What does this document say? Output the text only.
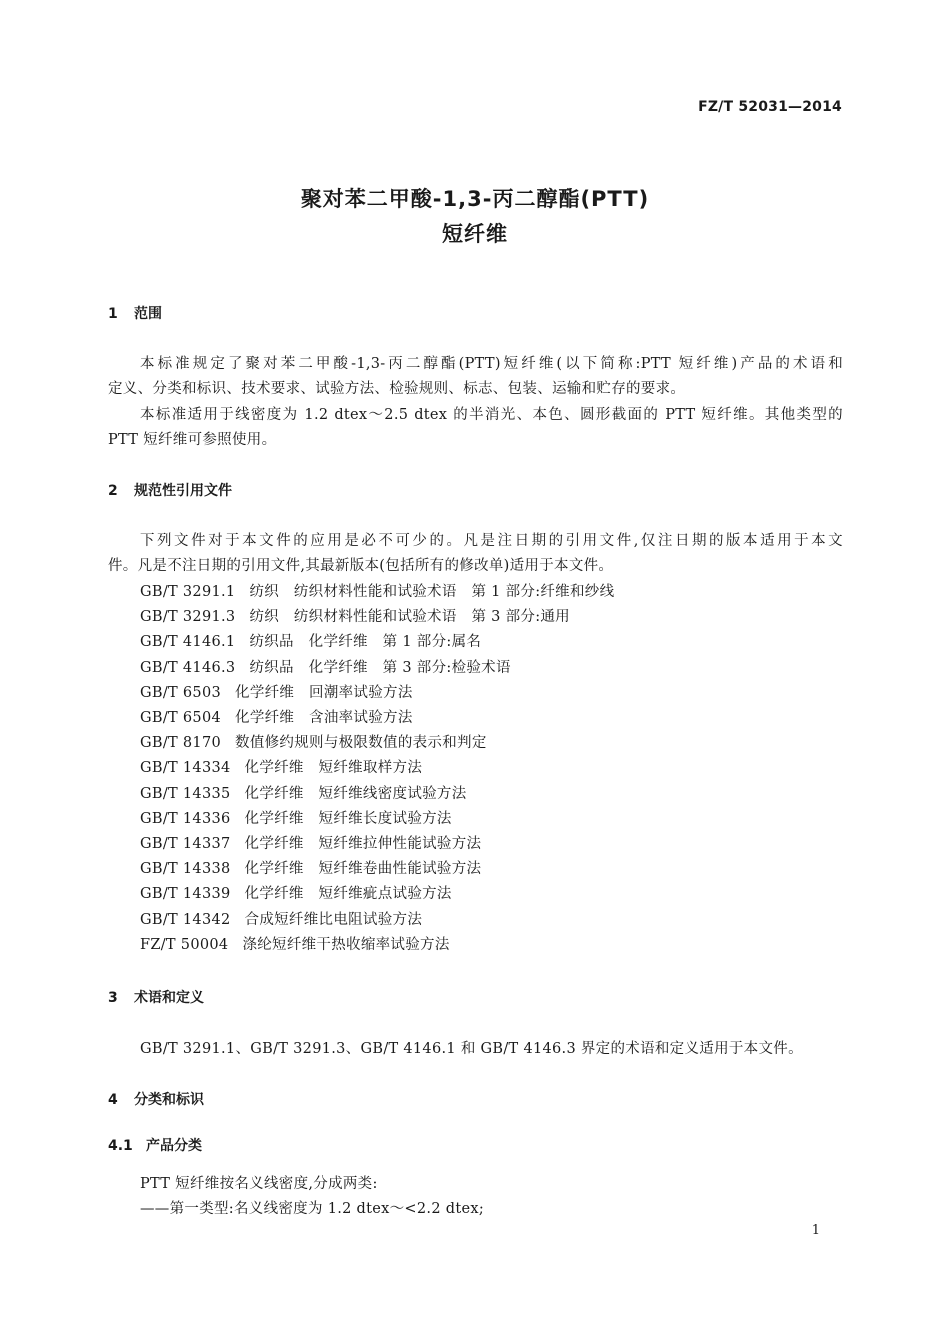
FZ/T 52031—2014
聚对苯二甲酸-1,3-丙二醇酯(PTT)
短纤维
1 范围
本标准规定了聚对苯二甲酸-1,3-丙二醇酯(PTT)短纤维(以下简称:PTT 短纤维)产品的术语和
定义、分类和标识、技术要求、试验方法、检验规则、标志、包装、运输和贮存的要求。
本标准适用于线密度为 1.2 dtex～2.5 dtex 的半消光、本色、圆形截面的 PTT 短纤维。其他类型的
PTT 短纤维可参照使用。
2 规范性引用文件
下列文件对于本文件的应用是必不可少的。凡是注日期的引用文件,仅注日期的版本适用于本文
件。凡是不注日期的引用文件,其最新版本(包括所有的修改单)适用于本文件。
GB/T 3291.1 纺织　纺织材料性能和试验术语　第 1 部分:纤维和纱线
GB/T 3291.3 纺织　纺织材料性能和试验术语　第 3 部分:通用
GB/T 4146.1 纺织品　化学纤维　第 1 部分:属名
GB/T 4146.3 纺织品　化学纤维　第 3 部分:检验术语
GB/T 6503 化学纤维　回潮率试验方法
GB/T 6504 化学纤维　含油率试验方法
GB/T 8170 数值修约规则与极限数值的表示和判定
GB/T 14334 化学纤维　短纤维取样方法
GB/T 14335 化学纤维　短纤维线密度试验方法
GB/T 14336 化学纤维　短纤维长度试验方法
GB/T 14337 化学纤维　短纤维拉伸性能试验方法
GB/T 14338 化学纤维　短纤维卷曲性能试验方法
GB/T 14339 化学纤维　短纤维疵点试验方法
GB/T 14342 合成短纤维比电阻试验方法
FZ/T 50004 涤纶短纤维干热收缩率试验方法
3 术语和定义
GB/T 3291.1、GB/T 3291.3、GB/T 4146.1 和 GB/T 4146.3 界定的术语和定义适用于本文件。
4 分类和标识
4.1 产品分类
PTT 短纤维按名义线密度,分成两类:
——第一类型:名义线密度为 1.2 dtex～<2.2 dtex;
1
